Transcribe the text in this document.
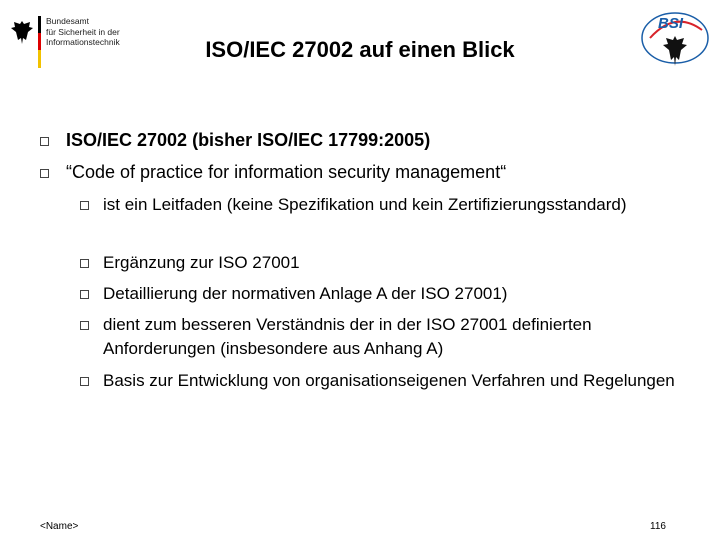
Bundesamt
für Sicherheit in der
Informationstechnik	ISO/IEC 27002 auf einen Blick
BSI
ISO/IEC 27002 (bisher ISO/IEC 17799:2005)
“Code of practice for information security management“
ist ein Leitfaden (keine Spezifikation und kein Zertifizierungsstandard)
Ergänzung zur ISO 27001
Detaillierung der normativen Anlage A der ISO 27001)
dient zum besseren Verständnis der in der ISO 27001 definierten Anforderungen (insbesondere aus Anhang A)
Basis zur Entwicklung von organisationseigenen Verfahren und Regelungen
<Name>	116
